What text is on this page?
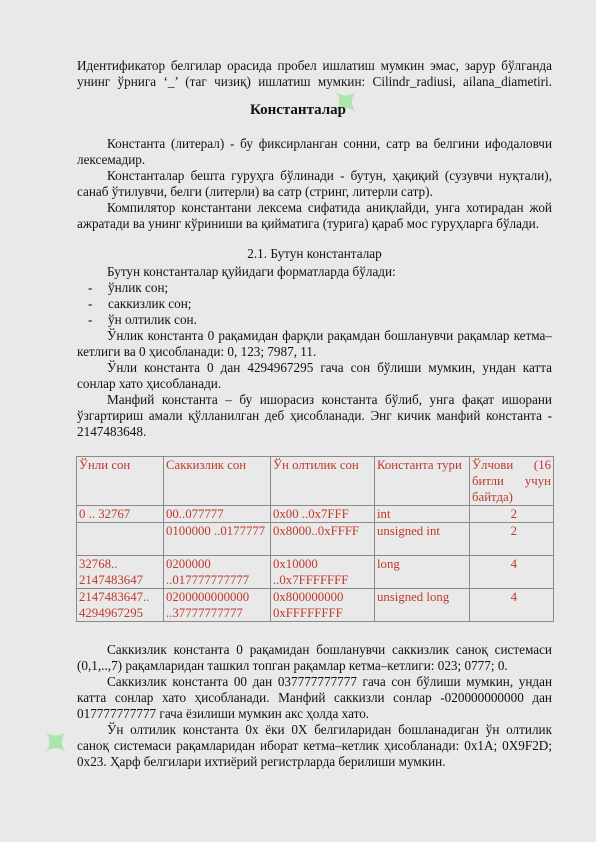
✦
✦

Идентификатор белгилар орасида пробел ишлатиш мумкин эмас, зарур бўлганда

унинг ўрнига ‘_’ (таг чизиқ) ишлатиш мумкин: Cilindr_radiusi, ailana_diametiri.

Константалар

Константа (литерал) - бу фиксирланган сонни, сатр ва белгини ифодаловчи лексемадир.

Константалар бешта гуруҳга бўлинади - бутун, ҳақиқий (сузувчи нуқтали), санаб ўтилувчи, белги (литерли) ва сатр (стринг, литерли сатр).

Компилятор константани лексема сифатида аниқлайди, унга хотирадан жой ажратади ва унинг кўриниши ва қийматига (турига) қараб мос гуруҳларга бўлади.

2.1. Бутун константалар

Бутун константалар қуйидаги форматларда бўлади:

- ўнлик сон;
- саккизлик сон;
- ўн олтилик сон.

Ўнлик константа 0 рақамидан фарқли рақамдан бошланувчи рақамлар кетма–кетлиги ва 0 ҳисобланади: 0, 123; 7987, 11.

Ўнли константа 0 дан 4294967295 гача сон бўлиши мумкин, ундан катта сонлар хато ҳисобланади.

Манфий константа – бу ишорасиз константа бўлиб, унга фақат ишорани ўзгартириш амали қўлланилган деб ҳисобланади. Энг кичик манфий константа - 2147483648.

Ўнли сон	Саккизлик сон	Ўн олтилик сон	Константа тури	Ўлчови (16 битли учун байтда)
0 .. 32767	00..077777	0x00 ..0x7FFF	int	2
	0100000 ..0177777	0x8000..0xFFFF	unsigned int	2
32768.. 2147483647	0200000 ..017777777777	0x10000 ..0x7FFFFFFF	long	4
2147483647.. 4294967295	0200000000000 ..37777777777	0x800000000 0xFFFFFFFF	unsigned long	4

Саккизлик константа 0 рақамидан бошланувчи саккизлик саноқ системаси (0,1,..,7) рақамларидан ташкил топган рақамлар кетма–кетлиги: 023; 0777; 0.

Саккизлик константа 00 дан 037777777777 гача сон бўлиши мумкин, ундан катта сонлар хато ҳисобланади. Манфий саккизли сонлар -020000000000 дан 017777777777 гача ёзилиши мумкин акс ҳолда хато.

Ўн олтилик константа 0x ёки 0X белгиларидан бошланадиган ўн олтилик саноқ системаси рақамларидан иборат кетма–кетлик ҳисобланади: 0x1A; 0X9F2D; 0x23. Ҳарф белгилари ихтиёрий регистрларда берилиши мумкин.
